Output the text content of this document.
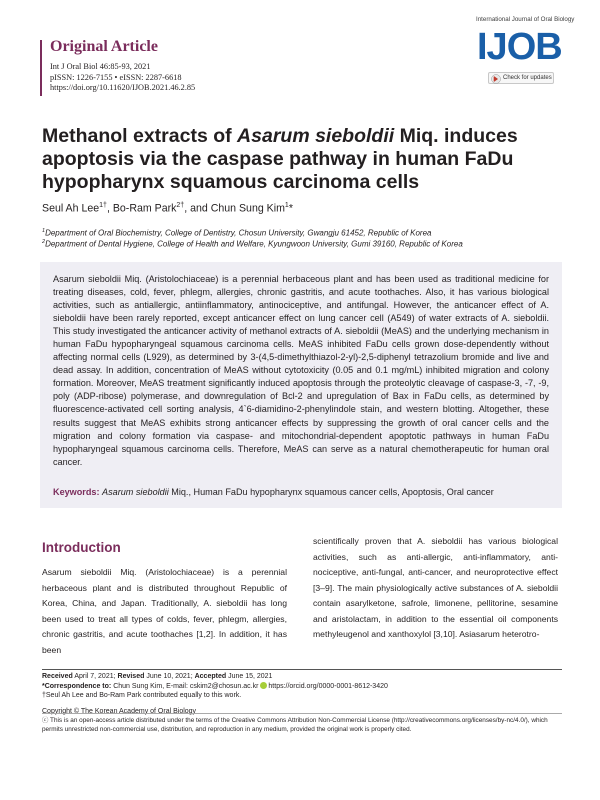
Original Article
Int J Oral Biol 46:85-93, 2021
pISSN: 1226-7155 • eISSN: 2287-6618
https://doi.org/10.11620/IJOB.2021.46.2.85
International Journal of Oral Biology
IJOB
Check for updates
Methanol extracts of Asarum sieboldii Miq. induces apoptosis via the caspase pathway in human FaDu hypopharynx squamous carcinoma cells
Seul Ah Lee$^{1\dagger}$, Bo-Ram Park$^{2\dagger}$, and Chun Sung Kim$^1$*
$^1$Department of Oral Biochemistry, College of Dentistry, Chosun University, Gwangju 61452, Republic of Korea
$^2$Department of Dental Hygiene, College of Health and Welfare, Kyungwoon University, Gumi 39160, Republic of Korea

Asarum sieboldii Miq. (Aristolochiaceae) is a perennial herbaceous plant and has been used as traditional medicine for treating diseases, cold, fever, phlegm, allergies, chronic gastritis, and acute toothaches. Also, it has various biological activities, such as antiallergic, antiinflammatory, antinociceptive, and antifungal. However, the anticancer effect of A. sieboldii have been rarely reported, except anticancer effect on lung cancer cell (A549) of water extracts of A. sieboldii. This study investigated the anticancer activity of methanol extracts of A. sieboldii (MeAS) and the underlying mechanism in human FaDu hypopharyngeal squamous carcinoma cells. MeAS inhibited FaDu cells grown dose-dependently without affecting normal cells (L929), as determined by 3-(4,5-dimethylthiazol-2-yl)-2,5-diphenyl tetrazolium bromide and live and dead assay. In addition, concentration of MeAS without cytotoxicity (0.05 and 0.1 mg/mL) inhibited migration and colony formation. Moreover, MeAS treatment significantly induced apoptosis through the proteolytic cleavage of caspase-3, -7, -9, poly (ADP-ribose) polymerase, and downregulation of Bcl-2 and upregulation of Bax in FaDu cells, as determined by fluorescence-activated cell sorting analysis, 4`6-diamidino-2-phenylindole stain, and western blotting. Altogether, these results suggest that MeAS exhibits strong anticancer effects by suppressing the growth of oral cancer cells and the migration and colony formation via caspase- and mitochondrial-dependent apoptotic pathways in human FaDu hypopharyngeal squamous carcinoma cells. Therefore, MeAS can serve as a natural chemotherapeutic for human oral cancer.

Keywords: Asarum sieboldii Miq., Human FaDu hypopharynx squamous cancer cells, Apoptosis, Oral cancer
Introduction

Asarum sieboldii Miq. (Aristolochiaceae) is a perennial herbaceous plant and is distributed throughout Republic of Korea, China, and Japan. Traditionally, A. sieboldii has long been used to treat all types of colds, fever, phlegm, allergies, chronic gastritis, and acute toothaches [1,2]. In addition, it has been

scientifically proven that A. sieboldii has various biological activities, such as anti-allergic, anti-inflammatory, anti-nociceptive, anti-fungal, anti-cancer, and neuroprotective effect [3–9]. The main physiologically active substances of A. sieboldii contain asarylketone, safrole, limonene, pellitorine, sesamine and aristolactam, in addition to the essential oil components methyleugenol and xanthoxylol [3,10]. Asiasarum heterotro-

Received April 7, 2021; Revised June 10, 2021; Accepted June 15, 2021
*Correspondence to: Chun Sung Kim, E-mail: cskim2@chosun.ac.kr https://orcid.org/0000-0001-8612-3420
†Seul Ah Lee and Bo-Ram Park contributed equally to this work.
Copyright © The Korean Academy of Oral Biology
ⓒ This is an open-access article distributed under the terms of the Creative Commons Attribution Non-Commercial License (http://creativecommons.org/licenses/by-nc/4.0/), which permits unrestricted non-commercial use, distribution, and reproduction in any medium, provided the original work is properly cited.
